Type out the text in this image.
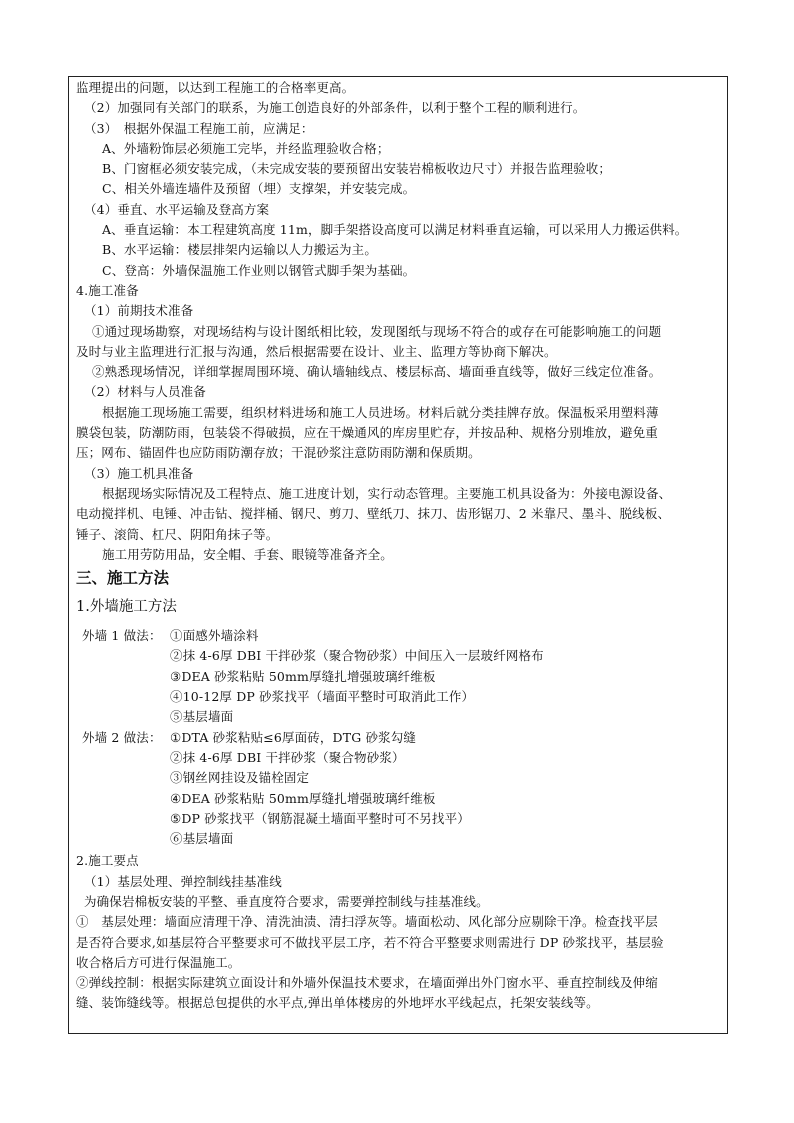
监理提出的问题，以达到工程施工的合格率更高。
（2）加强同有关部门的联系，为施工创造良好的外部条件，以利于整个工程的顺利进行。
（3）　根据外保温工程施工前，应满足：
A、外墙粉饰层必须施工完毕，并经监理验收合格；
B、门窗框必须安装完成，（未完成安装的要预留出安装岩棉板收边尺寸）并报告监理验收；
C、相关外墙连墙件及预留（埋）支撑架，并安装完成。
（4）垂直、水平运输及登高方案
A、垂直运输：本工程建筑高度 11m，脚手架搭设高度可以满足材料垂直运输，可以采用人力搬运供料。
B、水平运输：楼层排架内运输以人力搬运为主。
C、登高：外墙保温施工作业则以钢管式脚手架为基础。
4.施工准备
（1）前期技术准备
①通过现场勘察，对现场结构与设计图纸相比较，发现图纸与现场不符合的或存在可能影响施工的问题
及时与业主监理进行汇报与沟通，然后根据需要在设计、业主、监理方等协商下解决。
②熟悉现场情况，详细掌握周围环境、确认墙轴线点、楼层标高、墙面垂直线等，做好三线定位准备。
（2）材料与人员准备
根据施工现场施工需要，组织材料进场和施工人员进场。材料后就分类挂牌存放。保温板采用塑料薄
膜袋包装，防潮防雨，包装袋不得破损，应在干燥通风的库房里贮存，并按品种、规格分别堆放，避免重
压；网布、锚固件也应防雨防潮存放；干混砂浆注意防雨防潮和保质期。
（3）施工机具准备
根据现场实际情况及工程特点、施工进度计划，实行动态管理。主要施工机具设备为：外接电源设备、
电动搅拌机、电锤、冲击钻、搅拌桶、钢尺、剪刀、壁纸刀、抹刀、齿形锯刀、2 米靠尺、墨斗、脱线板、
锤子、滚筒、杠尺、阴阳角抹子等。
施工用劳防用品，安全帽、手套、眼镜等准备齐全。
三、施工方法
1.外墙施工方法
外墙 1 做法： ①面感外墙涂料
②抹 4-6厚 DBI 干拌砂浆（聚合物砂浆）中间压入一层玻纤网格布
③DEA 砂浆粘贴 50mm厚缝扎增强玻璃纤维板
④10-12厚 DP 砂浆找平（墙面平整时可取消此工作）
⑤基层墙面
外墙 2 做法： ①DTA 砂浆粘贴≤6厚面砖，DTG 砂浆勾缝
②抹 4-6厚 DBI 干拌砂浆（聚合物砂浆）
③钢丝网挂设及锚栓固定
④DEA 砂浆粘贴 50mm厚缝扎增强玻璃纤维板
⑤DP 砂浆找平（钢筋混凝土墙面平整时可不另找平）
⑥基层墙面
2.施工要点
（1）基层处理、弹控制线挂基准线
为确保岩棉板安装的平整、垂直度符合要求，需要弹控制线与挂基准线。
①　基层处理：墙面应清理干净、清洗油渍、清扫浮灰等。墙面松动、风化部分应剔除干净。检查找平层
是否符合要求,如基层符合平整要求可不做找平层工序，若不符合平整要求则需进行 DP 砂浆找平，基层验
收合格后方可进行保温施工。
②弹线控制：根据实际建筑立面设计和外墙外保温技术要求，在墙面弹出外门窗水平、垂直控制线及伸缩
缝、装饰缝线等。根据总包提供的水平点,弹出单体楼房的外地坪水平线起点，托架安装线等。
